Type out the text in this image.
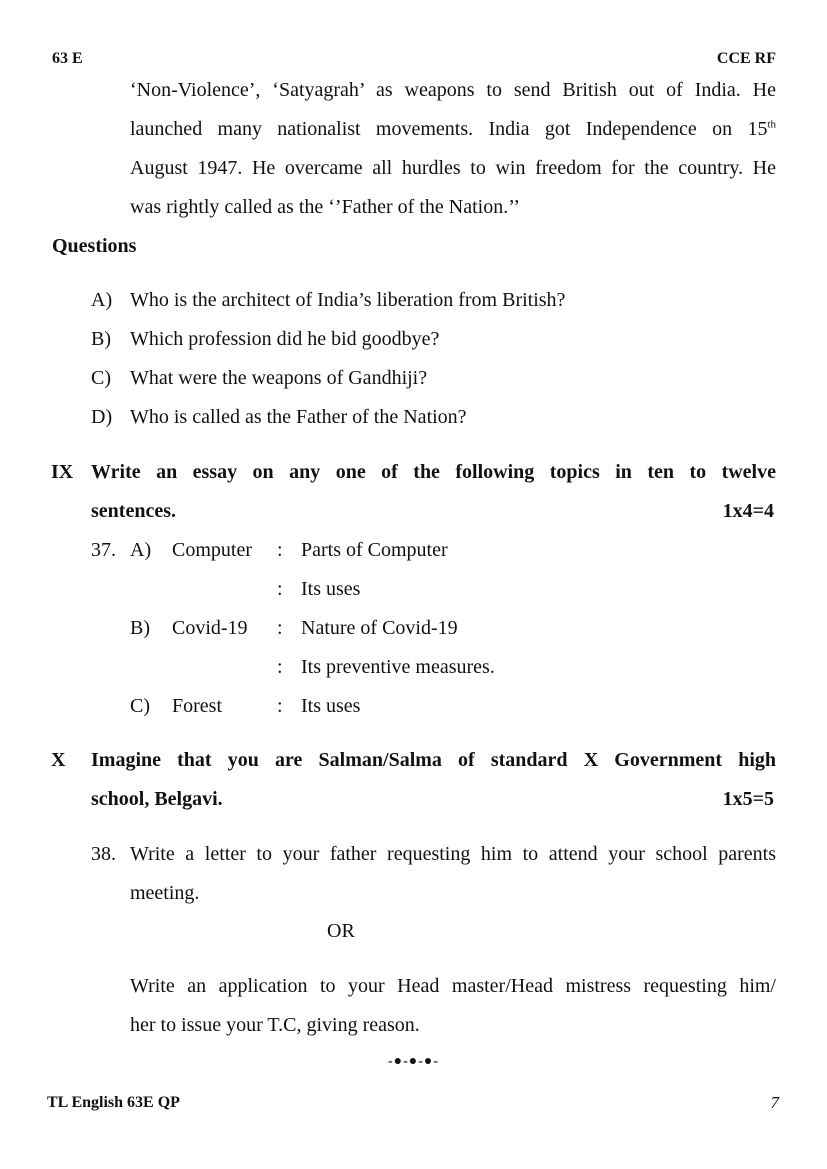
63 E	CCE RF
‘Non-Violence’, ‘Satyagrah’ as weapons to send British out of India. He
launched many nationalist movements. India got Independence on 15th
August 1947. He overcame all hurdles to win freedom for the country. He
was rightly called as the ‘’Father of the Nation.’’
Questions
A) Who is the architect of India’s liberation from British?
B) Which profession did he bid goodbye?
C) What were the weapons of Gandhiji?
D) Who is called as the Father of the Nation?
IX Write an essay on any one of the following topics in ten to twelve
sentences.	1x4=4
37. A) Computer : Parts of Computer
: Its uses
B) Covid-19 : Nature of Covid-19
: Its preventive measures.
C) Forest	: Its uses
X Imagine that you are Salman/Salma of standard X Government high
school, Belgavi.	1x5=5
38. Write a letter to your father requesting him to attend your school parents
meeting.
OR
Write an application to your Head master/Head mistress requesting him/
her to issue your T.C, giving reason.
-●-●-●-
TL English 63E QP	7
